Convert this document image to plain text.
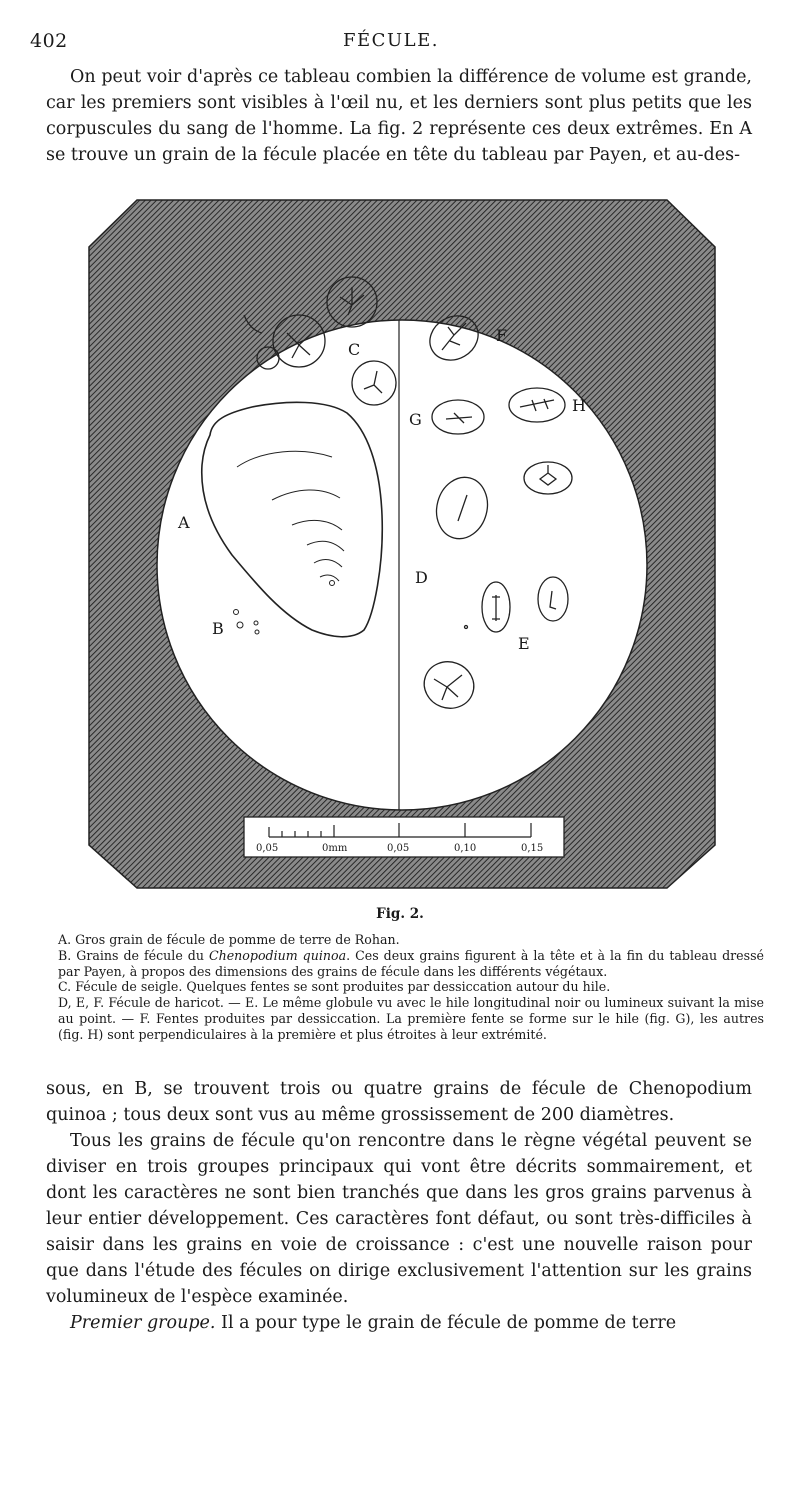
402	FÉCULE.

On peut voir d'après ce tableau combien la différence de volume est grande, car les premiers sont visibles à l'œil nu, et les derniers sont plus petits que les corpuscules du sang de l'homme. La fig. 2 représente ces deux extrêmes. En A se trouve un grain de la fécule placée en tête du tableau par Payen, et au-des-

A
B
C
D
E
F
G
H
0,05	0mm	0,05	0,10	0,15
Fig. 2.

A. Gros grain de fécule de pomme de terre de Rohan.

B. Grains de fécule du Chenopodium quinoa. Ces deux grains figurent à la tête et à la fin du tableau dressé par Payen, à propos des dimensions des grains de fécule dans les différents végétaux.

C. Fécule de seigle. Quelques fentes se sont produites par dessiccation autour du hile.

D, E, F. Fécule de haricot. — E. Le même globule vu avec le hile longitudinal noir ou lumineux suivant la mise au point. — F. Fentes produites par dessiccation. La première fente se forme sur le hile (fig. G), les autres (fig. H) sont perpendiculaires à la première et plus étroites à leur extrémité.

sous, en B, se trouvent trois ou quatre grains de fécule de Chenopodium quinoa ; tous deux sont vus au même grossissement de 200 diamètres.

Tous les grains de fécule qu'on rencontre dans le règne végétal peuvent se diviser en trois groupes principaux qui vont être décrits sommairement, et dont les caractères ne sont bien tranchés que dans les gros grains parvenus à leur entier développement. Ces caractères font défaut, ou sont très-difficiles à saisir dans les grains en voie de croissance : c'est une nouvelle raison pour que dans l'étude des fécules on dirige exclusivement l'attention sur les grains volumineux de l'espèce examinée.

Premier groupe. Il a pour type le grain de fécule de pomme de terre
